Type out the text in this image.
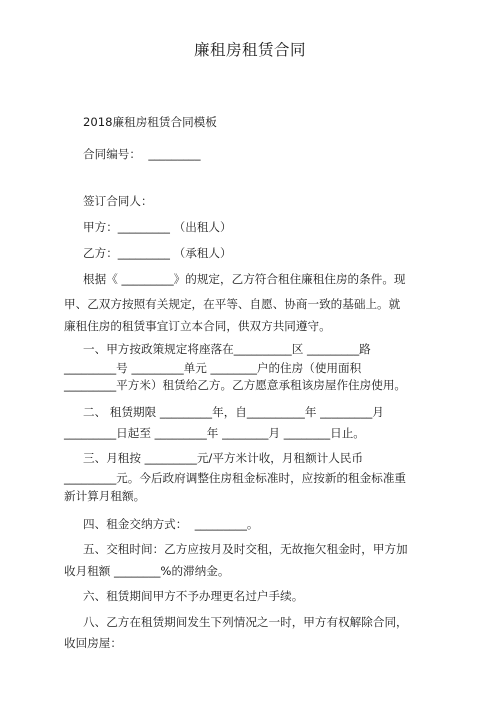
廉租房租赁合同
2018廉租房租赁合同模板
合同编号：  _________
签订合同人：
甲方：_________ （出租人）
乙方：_________ （承租人）
根据《 _________》的规定，乙方符合租住廉租住房的条件。现
甲、乙双方按照有关规定，在平等、自愿、协商一致的基础上。就
廉租住房的租赁事宜订立本合同，供双方共同遵守。
一、甲方按政策规定将座落在__________区 _________路
_________号 _________单元 ________户的住房（使用面积
_________平方米）租赁给乙方。乙方愿意承租该房屋作住房使用。
二、 租赁期限 _________年，自__________年 _________月
_________日起至 _________年 ________月 ________日止。
三、月租按 _________元/平方米计收，月租额计人民币
_________元。今后政府调整住房租金标准时，应按新的租金标准重
新计算月租额。
四、租金交纳方式：  _________。
五、交租时间：乙方应按月及时交租，无故拖欠租金时，甲方加
收月租额 ________%的滞纳金。
六、租赁期间甲方不予办理更名过户手续。
八、乙方在租赁期间发生下列情况之一时，甲方有权解除合同，
收回房屋：
